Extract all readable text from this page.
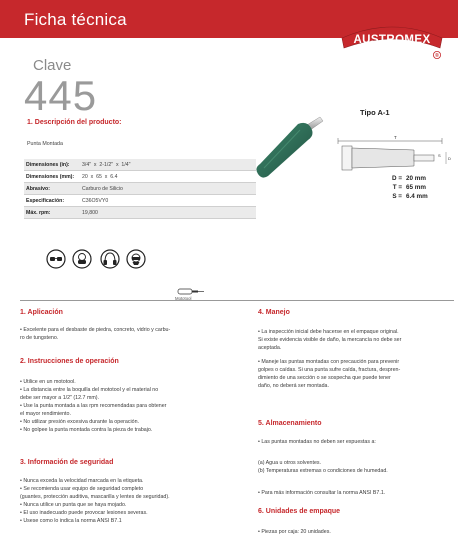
Ficha técnica
AUSTROMEX
®
Clave
445
1. Descripción del producto:
Punta Montada
Dimensiones (in): 3/4"  x  2-1/2"  x  1/4"
Dimensiones (mm): 20  x  65  x  6.4
Abrasivo:	Carburo de Silicio
Especificación:	C36O5VY0
Máx. rpm:	19,800
Tipo A-1
T
D
S
D = 20 mm
T = 65 mm
S = 6.4 mm
Mototool
1. Aplicación
• Excelente para el desbaste de piedra, concreto, vidrio y carbu-
ro de tungsteno.
2. Instrucciones de operación
• Utilice en un mototool.
• La distancia entre la boquilla del mototool y el material no
debe ser mayor a 1/2" (12.7 mm).
• Use la punta montada a las rpm recomendadas para obtener
el mayor rendimiento.
• No utilizar presión excesiva durante la operación.
• No golpee la punta montada contra la pieza de trabajo.
3. Información de seguridad
• Nunca exceda la velocidad marcada en la etiqueta.
• Se recomienda usar equipo de seguridad completo
(guantes, protección auditiva, mascarilla y lentes de seguridad).
• Nunca utilice un punta que se haya mojado.
• El uso inadecuado puede provocar lesiones severas.
• Usese como lo indica la norma ANSI B7.1
4. Manejo
• La inspección inicial debe hacerse en el empaque original.
Si existe evidencia visible de daño, la mercancía no debe ser
aceptada.
• Maneje las puntas montadas con precaución para prevenir
golpes o caídas. Si una punta sufre caída, fractura, despren-
dimiento de una sección o se sospecha que puede tener
daño, no deberá ser montada.
5. Almacenamiento
• Las puntas montadas no deben ser expuestas a:
(a) Agua u otros solventes.
(b) Temperaturas extremas o condiciones de humedad.
• Para más información consultar la norma ANSI B7.1.
6. Unidades de empaque
• Piezas por caja: 20 unidades.
